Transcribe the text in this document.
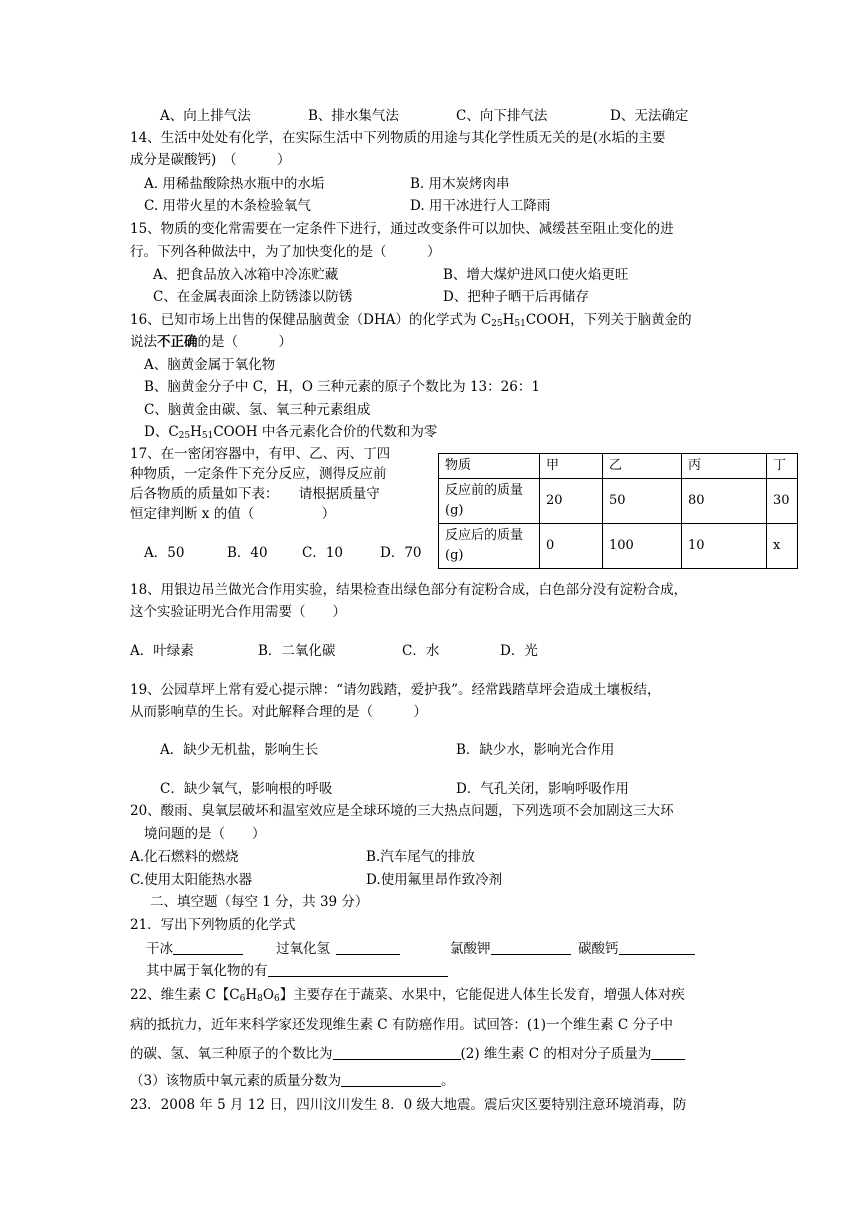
A、向上排气法	B、排水集气法	C、向下排气法	D、无法确定
14、生活中处处有化学，在实际生活中下列物质的用途与其化学性质无关的是(水垢的主要
成分是碳酸钙)　（　　　）
A. 用稀盐酸除热水瓶中的水垢	B. 用木炭烤肉串
C. 用带火星的木条检验氧气	D. 用干冰进行人工降雨
15、物质的变化常需要在一定条件下进行，通过改变条件可以加快、减缓甚至阻止变化的进
行。下列各种做法中，为了加快变化的是（　　　）
A、把食品放入冰箱中冷冻贮藏	B、增大煤炉进风口使火焰更旺
C、在金属表面涂上防锈漆以防锈	D、把种子晒干后再储存
16、已知市场上出售的保健品脑黄金（DHA）的化学式为 $C_{25}H_{51}COOH$，下列关于脑黄金的
说法不正确的是（　　　）
A、脑黄金属于氧化物
B、脑黄金分子中 C，H，O 三种元素的原子个数比为 13：26：1
C、脑黄金由碳、氢、氧三种元素组成
D、$C_{25}H_{51}COOH$ 中各元素化合价的代数和为零
17、在一密闭容器中，有甲、乙、丙、丁四
种物质，一定条件下充分反应，测得反应前
后各物质的质量如下表：　　请根据质量守
恒定律判断 x 的值（　　　　　）
A．50	B．40	C．10	D．70
物质	甲	乙	丙	丁
反应前的质量(g)	20	50	80	30
反应后的质量(g)	0	100	10	x
18、用银边吊兰做光合作用实验，结果检查出绿色部分有淀粉合成，白色部分没有淀粉合成，
这个实验证明光合作用需要（　　）
A．叶绿素	B．二氧化碳	C．水	D．光
19、公园草坪上常有爱心提示牌：“请勿践踏，爱护我”。经常践踏草坪会造成土壤板结，
从而影响草的生长。对此解释合理的是（　　　）
A．缺少无机盐，影响生长	B．缺少水，影响光合作用
C．缺少氧气，影响根的呼吸	D．气孔关闭，影响呼吸作用
20、酸雨、臭氧层破坏和温室效应是全球环境的三大热点问题，下列选项不会加剧这三大环
境问题的是（　　）
A.化石燃料的燃烧	B.汽车尾气的排放
C.使用太阳能热水器	D.使用氟里昂作致冷剂
二、填空题（每空 1 分，共 39 分）
21．写出下列物质的化学式
干冰	过氧化氢	氯酸钾	碳酸钙
其中属于氧化物的有
22、维生素 C【$C_6H_8O_6$】主要存在于蔬菜、水果中，它能促进人体生长发育，增强人体对疾
病的抵抗力，近年来科学家还发现维生素 C 有防癌作用。试回答：(1)一个维生素 C 分子中
的碳、氢、氧三种原子的个数比为	(2) 维生素 C 的相对分子质量为
（3）该物质中氧元素的质量分数为	。
23．2008 年 5 月 12 日，四川汶川发生 8．0 级大地震。震后灾区要特别注意环境消毒，防
